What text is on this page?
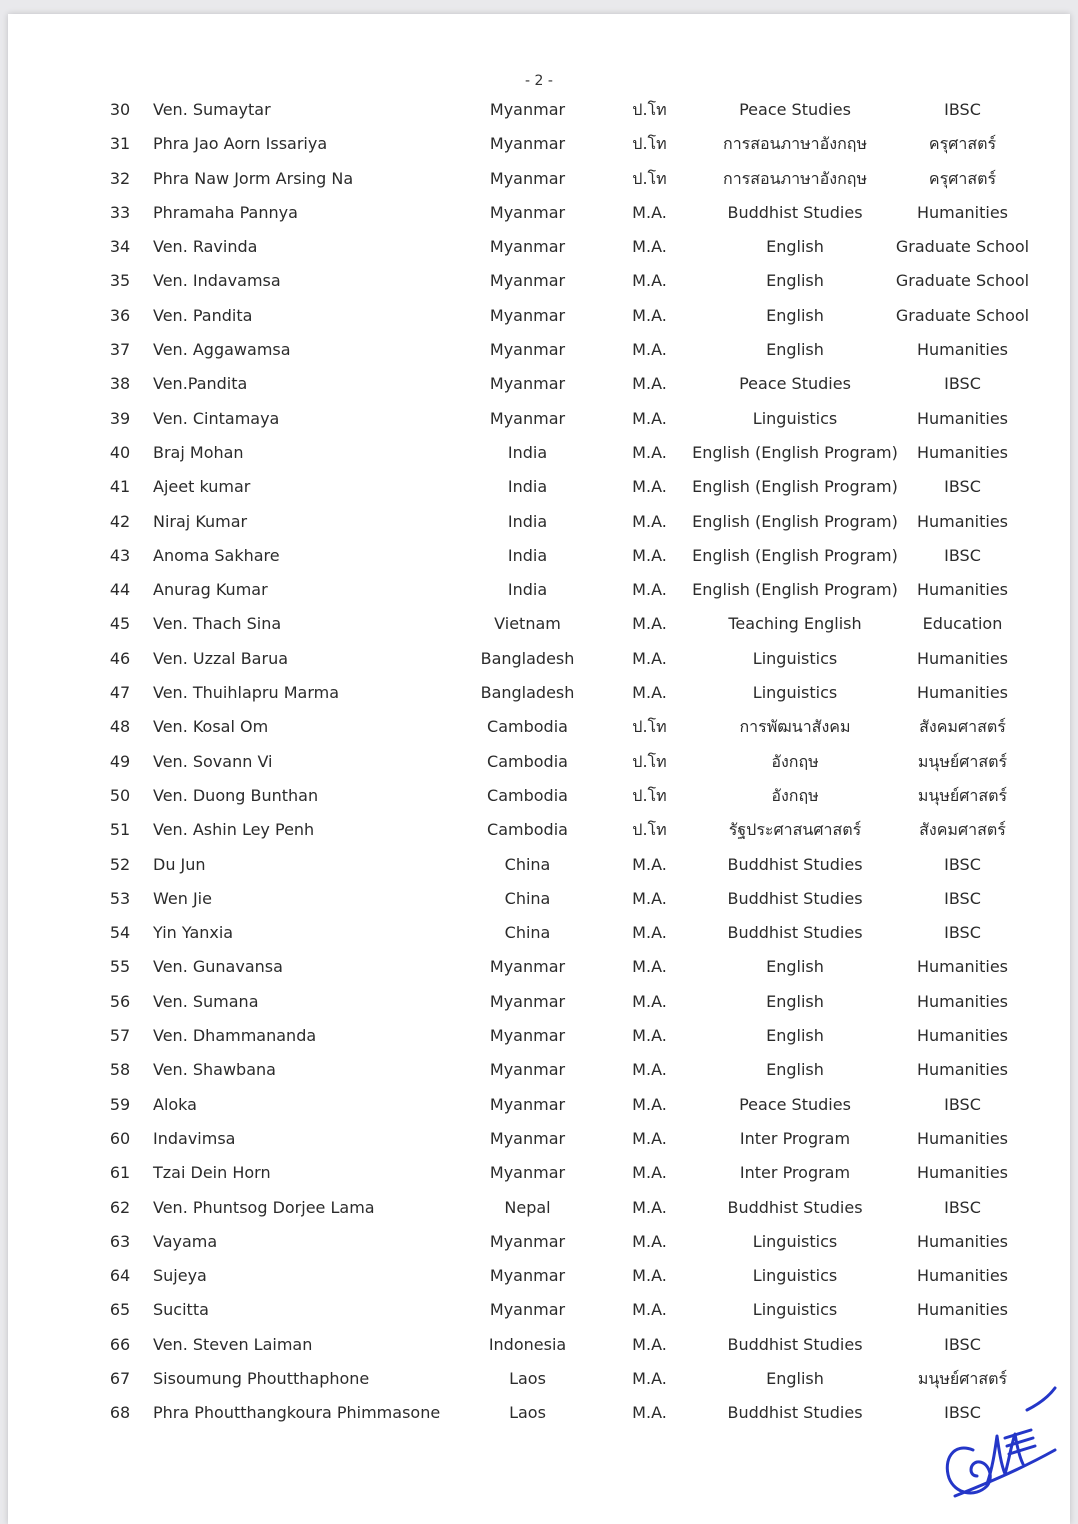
- 2 -
30	Ven. Sumaytar	Myanmar	ป.โท	Peace Studies	IBSC
31	Phra Jao Aorn Issariya	Myanmar	ป.โท	การสอนภาษาอังกฤษ	ครุศาสตร์
32	Phra Naw Jorm Arsing Na	Myanmar	ป.โท	การสอนภาษาอังกฤษ	ครุศาสตร์
33	Phramaha Pannya	Myanmar	M.A.	Buddhist Studies	Humanities
34	Ven. Ravinda	Myanmar	M.A.	English	Graduate School
35	Ven. Indavamsa	Myanmar	M.A.	English	Graduate School
36	Ven. Pandita	Myanmar	M.A.	English	Graduate School
37	Ven. Aggawamsa	Myanmar	M.A.	English	Humanities
38	Ven.Pandita	Myanmar	M.A.	Peace Studies	IBSC
39	Ven. Cintamaya	Myanmar	M.A.	Linguistics	Humanities
40	Braj Mohan	India	M.A.	English (English Program)	Humanities
41	Ajeet kumar	India	M.A.	English (English Program)	IBSC
42	Niraj Kumar	India	M.A.	English (English Program)	Humanities
43	Anoma Sakhare	India	M.A.	English (English Program)	IBSC
44	Anurag Kumar	India	M.A.	English (English Program)	Humanities
45	Ven. Thach Sina	Vietnam	M.A.	Teaching English	Education
46	Ven. Uzzal Barua	Bangladesh	M.A.	Linguistics	Humanities
47	Ven. Thuihlapru Marma	Bangladesh	M.A.	Linguistics	Humanities
48	Ven. Kosal Om	Cambodia	ป.โท	การพัฒนาสังคม	สังคมศาสตร์
49	Ven. Sovann Vi	Cambodia	ป.โท	อังกฤษ	มนุษย์ศาสตร์
50	Ven. Duong Bunthan	Cambodia	ป.โท	อังกฤษ	มนุษย์ศาสตร์
51	Ven. Ashin Ley Penh	Cambodia	ป.โท	รัฐประศาสนศาสตร์	สังคมศาสตร์
52	Du Jun	China	M.A.	Buddhist Studies	IBSC
53	Wen Jie	China	M.A.	Buddhist Studies	IBSC
54	Yin Yanxia	China	M.A.	Buddhist Studies	IBSC
55	Ven. Gunavansa	Myanmar	M.A.	English	Humanities
56	Ven. Sumana	Myanmar	M.A.	English	Humanities
57	Ven. Dhammananda	Myanmar	M.A.	English	Humanities
58	Ven. Shawbana	Myanmar	M.A.	English	Humanities
59	Aloka	Myanmar	M.A.	Peace Studies	IBSC
60	Indavimsa	Myanmar	M.A.	Inter Program	Humanities
61	Tzai Dein Horn	Myanmar	M.A.	Inter Program	Humanities
62	Ven. Phuntsog Dorjee Lama	Nepal	M.A.	Buddhist Studies	IBSC
63	Vayama	Myanmar	M.A.	Linguistics	Humanities
64	Sujeya	Myanmar	M.A.	Linguistics	Humanities
65	Sucitta	Myanmar	M.A.	Linguistics	Humanities
66	Ven. Steven Laiman	Indonesia	M.A.	Buddhist Studies	IBSC
67	Sisoumung Phoutthaphone	Laos	M.A.	English	มนุษย์ศาสตร์
68	Phra Phoutthangkoura Phimmasone	Laos	M.A.	Buddhist Studies	IBSC
